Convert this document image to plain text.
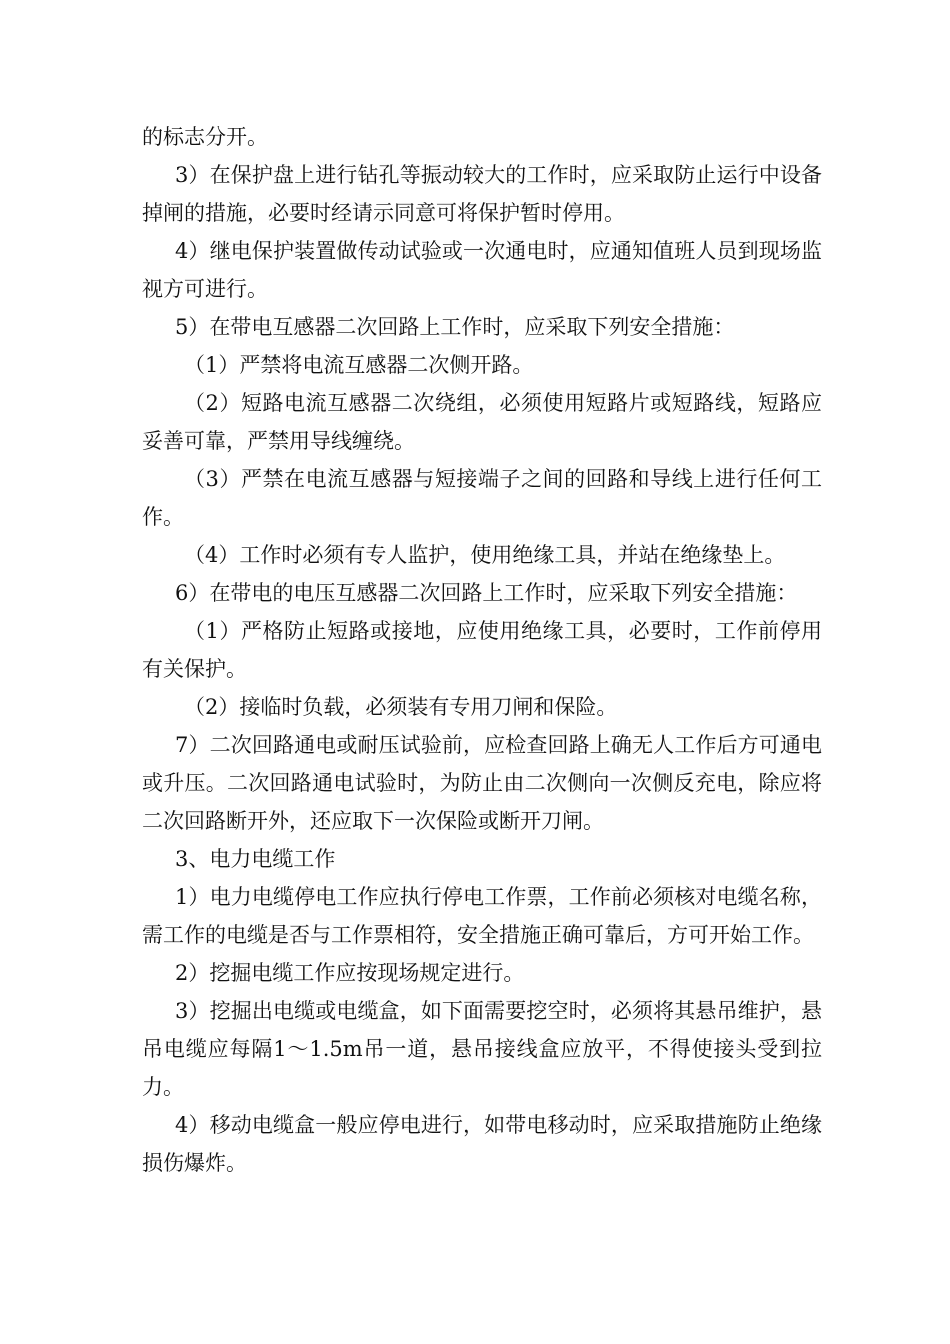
的标志分开。

3）在保护盘上进行钻孔等振动较大的工作时，应采取防止运行中设备掉闸的措施，必要时经请示同意可将保护暂时停用。

4）继电保护装置做传动试验或一次通电时，应通知值班人员到现场监视方可进行。

5）在带电互感器二次回路上工作时，应采取下列安全措施：

（1）严禁将电流互感器二次侧开路。

（2）短路电流互感器二次绕组，必须使用短路片或短路线，短路应妥善可靠，严禁用导线缠绕。

（3）严禁在电流互感器与短接端子之间的回路和导线上进行任何工作。

（4）工作时必须有专人监护，使用绝缘工具，并站在绝缘垫上。

6）在带电的电压互感器二次回路上工作时，应采取下列安全措施：

（1）严格防止短路或接地，应使用绝缘工具，必要时，工作前停用有关保护。

（2）接临时负载，必须装有专用刀闸和保险。

7）二次回路通电或耐压试验前，应检查回路上确无人工作后方可通电或升压。二次回路通电试验时，为防止由二次侧向一次侧反充电，除应将二次回路断开外，还应取下一次保险或断开刀闸。

3、电力电缆工作

1）电力电缆停电工作应执行停电工作票，工作前必须核对电缆名称，需工作的电缆是否与工作票相符，安全措施正确可靠后，方可开始工作。

2）挖掘电缆工作应按现场规定进行。

3）挖掘出电缆或电缆盒，如下面需要挖空时，必须将其悬吊维护，悬吊电缆应每隔1～1.5m吊一道，悬吊接线盒应放平，不得使接头受到拉力。

4）移动电缆盒一般应停电进行，如带电移动时，应采取措施防止绝缘损伤爆炸。
